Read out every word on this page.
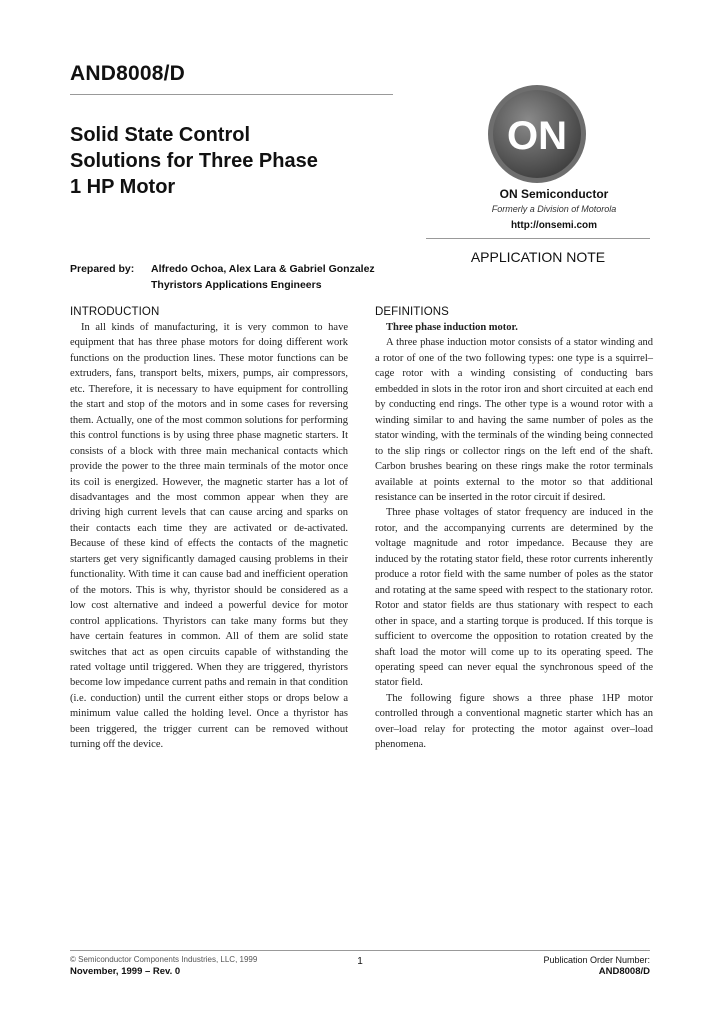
AND8008/D
Solid State Control
Solutions for Three Phase
1 HP Motor
ON
ON Semiconductor
Formerly a Division of Motorola
http://onsemi.com
APPLICATION NOTE
Prepared by: Alfredo Ochoa, Alex Lara & Gabriel Gonzalez
Thyristors Applications Engineers
INTRODUCTION

In all kinds of manufacturing, it is very common to have equipment that has three phase motors for doing different work functions on the production lines. These motor functions can be extruders, fans, transport belts, mixers, pumps, air compressors, etc. Therefore, it is necessary to have equipment for controlling the start and stop of the motors and in some cases for reversing them. Actually, one of the most common solutions for performing this control functions is by using three phase magnetic starters. It consists of a block with three main mechanical contacts which provide the power to the three main terminals of the motor once its coil is energized. However, the magnetic starter has a lot of disadvantages and the most common appear when they are driving high current levels that can cause arcing and sparks on their contacts each time they are activated or de-activated. Because of these kind of effects the contacts of the magnetic starters get very significantly damaged causing problems in their functionality. With time it can cause bad and inefficient operation of the motors. This is why, thyristor should be considered as a low cost alternative and indeed a powerful device for motor control applications. Thyristors can take many forms but they have certain features in common. All of them are solid state switches that act as open circuits capable of withstanding the rated voltage until triggered. When they are triggered, thyristors become low impedance current paths and remain in that condition (i.e. conduction) until the current either stops or drops below a minimum value called the holding level. Once a thyristor has been triggered, the trigger current can be removed without turning off the device.

DEFINITIONS
Three phase induction motor.

A three phase induction motor consists of a stator winding and a rotor of one of the two following types: one type is a squirrel–cage rotor with a winding consisting of conducting bars embedded in slots in the rotor iron and short circuited at each end by conducting end rings. The other type is a wound rotor with a winding similar to and having the same number of poles as the stator winding, with the terminals of the winding being connected to the slip rings or collector rings on the left end of the shaft. Carbon brushes bearing on these rings make the rotor terminals available at points external to the motor so that additional resistance can be inserted in the rotor circuit if desired.

Three phase voltages of stator frequency are induced in the rotor, and the accompanying currents are determined by the voltage magnitude and rotor impedance. Because they are induced by the rotating stator field, these rotor currents inherently produce a rotor field with the same number of poles as the stator and rotating at the same speed with respect to the stationary rotor. Rotor and stator fields are thus stationary with respect to each other in space, and a starting torque is produced. If this torque is sufficient to overcome the opposition to rotation created by the shaft load the motor will come up to its operating speed. The operating speed can never equal the synchronous speed of the stator field.

The following figure shows a three phase 1HP motor controlled through a conventional magnetic starter which has an over–load relay for protecting the motor against over–load phenomena.

© Semiconductor Components Industries, LLC, 1999
November, 1999 – Rev. 0
1	Publication Order Number:
AND8008/D
